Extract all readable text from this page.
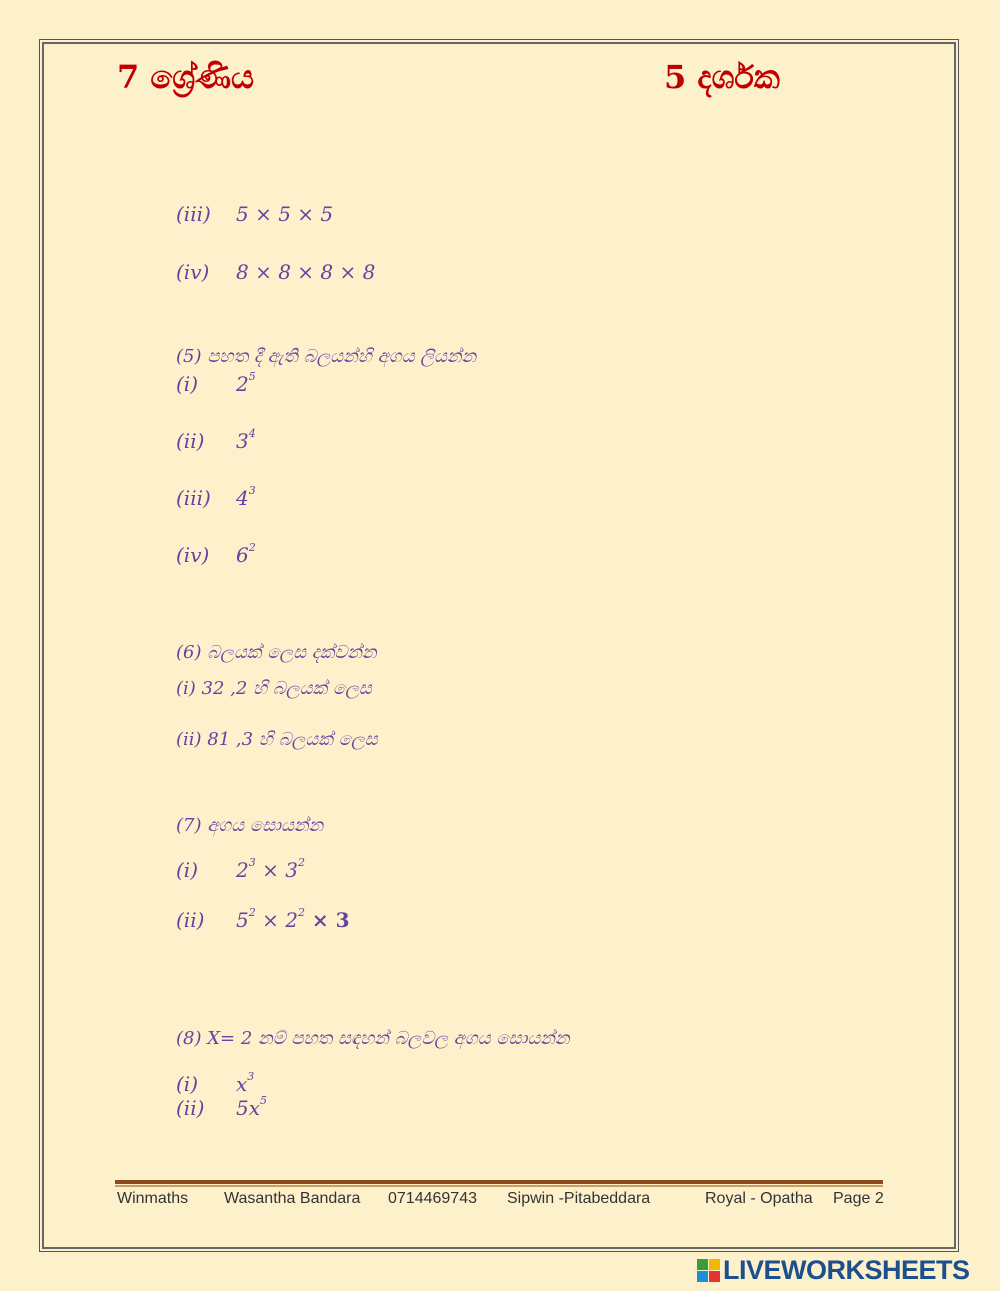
7 ශ්‍රේණිය	5 දර්ශක
(iii) 5 × 5 × 5
(iv) 8 × 8 × 8 × 8
(5) පහත දී ඇති බලයන්හි අගය ලියන්න
(i) $2^5$
(ii) $3^4$
(iii) $4^3$
(iv) $6^2$
(6) බලයක් ලෙස දක්වන්න
(i) 32 ,2 හි බලයක් ලෙස
(ii) 81 ,3 හි බලයක් ලෙස
(7) අගය සොයන්න
(i) $2^3 \times 3^2$
(ii) $5^2 \times 2^2 \times 3$
(8) X= 2 නම් පහත සඳහන් බලවල අගය සොයන්න
(i) $x^3$
(ii) $5x^5$
Winmaths Wasantha Bandara 0714469743 Sipwin -Pitabeddara	Royal - Opatha Page 2
LIVEWORKSHEETS
